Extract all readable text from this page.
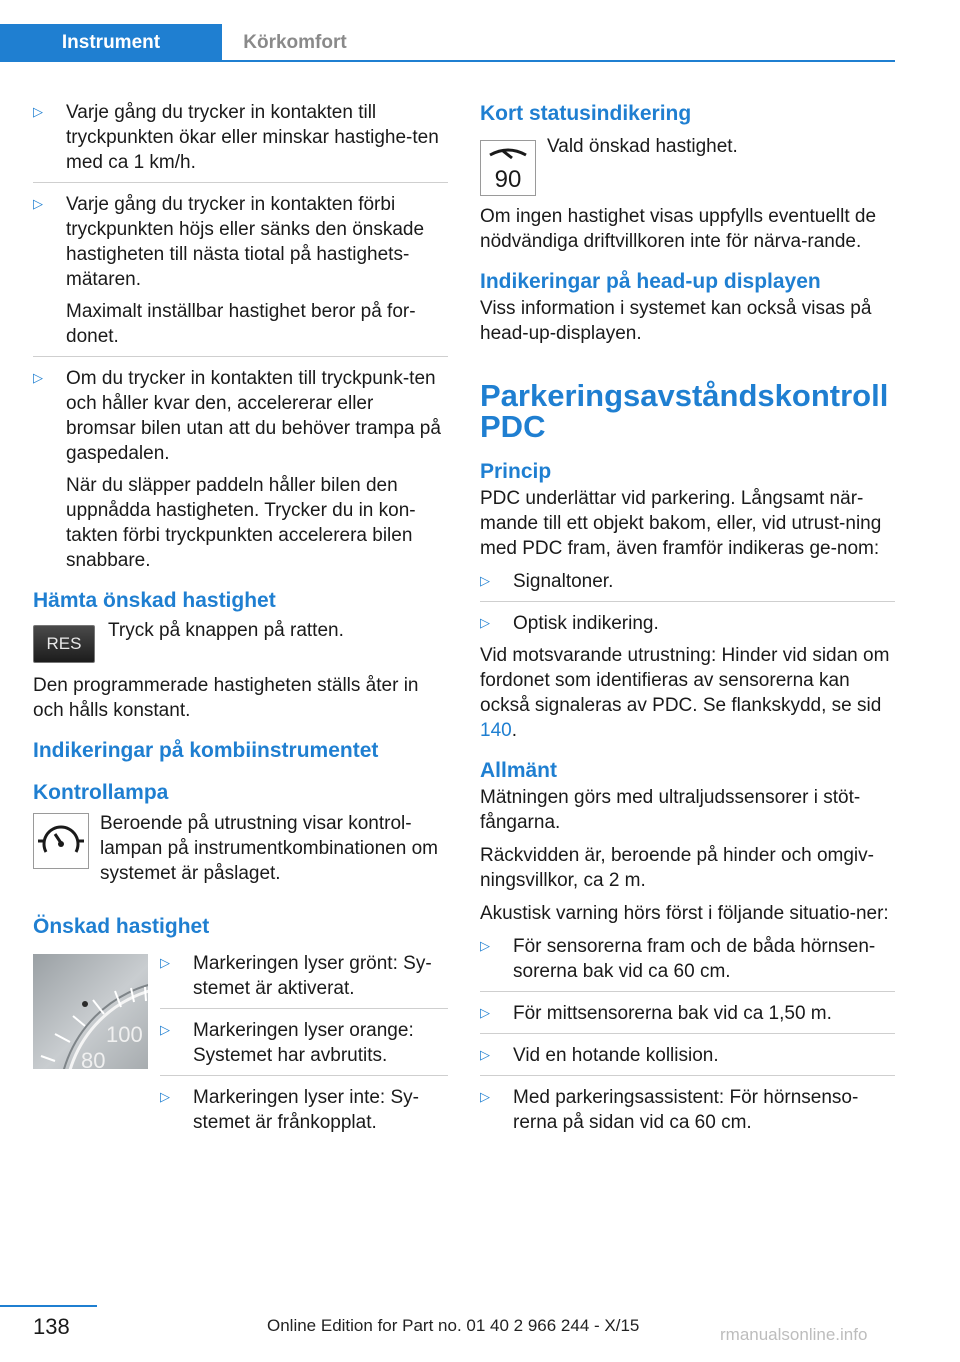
Instrument	Körkomfort
▷	Varje gång du trycker in kontakten till tryckpunkten ökar eller minskar hastighe-ten med ca 1 km/h.

▷	Varje gång du trycker in kontakten förbi tryckpunkten höjs eller sänks den önskade hastigheten till nästa tiotal på hastighets-mätaren.

Maximalt inställbar hastighet beror på for-donet.

▷	Om du trycker in kontakten till tryckpunk-ten och håller kvar den, accelererar eller bromsar bilen utan att du behöver trampa på gaspedalen.

När du släpper paddeln håller bilen den uppnådda hastigheten. Trycker du in kon-takten förbi tryckpunkten accelerera bilen snabbare.

Hämta önskad hastighet
RES
Tryck på knappen på ratten.

Den programmerade hastigheten ställs åter in och hålls konstant.

Indikeringar på kombiinstrumentet
Kontrollampa
Beroende på utrustning visar kontrol-lampan på instrumentkombinationen om systemet är påslaget.
Önskad hastighet
100
80
▷	Markeringen lyser grönt: Sy-stemet är aktiverat.

▷	Markeringen lyser orange: Systemet har avbrutits.

▷	Markeringen lyser inte: Sy-stemet är frånkopplat.

Kort statusindikering
90
Vald önskad hastighet.

Om ingen hastighet visas uppfylls eventuellt de nödvändiga driftvillkoren inte för närva-rande.

Indikeringar på head-up displayen

Viss information i systemet kan också visas på head-up-displayen.

Parkeringsavståndskontroll
PDC
Princip

PDC underlättar vid parkering. Långsamt när-mande till ett objekt bakom, eller, vid utrust-ning med PDC fram, även framför indikeras ge-nom:

▷	Signaltoner.

▷	Optisk indikering.

Vid motsvarande utrustning: Hinder vid sidan om fordonet som identifieras av sensorerna kan också signaleras av PDC. Se flankskydd, se sid 140.

Allmänt

Mätningen görs med ultraljudssensorer i stöt-fångarna.

Räckvidden är, beroende på hinder och omgiv-ningsvillkor, ca 2 m.

Akustisk varning hörs först i följande situatio-ner:

▷	För sensorerna fram och de båda hörnsen-sorerna bak vid ca 60 cm.

▷	För mittsensorerna bak vid ca 1,50 m.

▷	Vid en hotande kollision.

▷	Med parkeringsassistent: För hörnsenso-rerna på sidan vid ca 60 cm.

138	Online Edition for Part no. 01 40 2 966 244 - X/15	rmanualsonline.info
